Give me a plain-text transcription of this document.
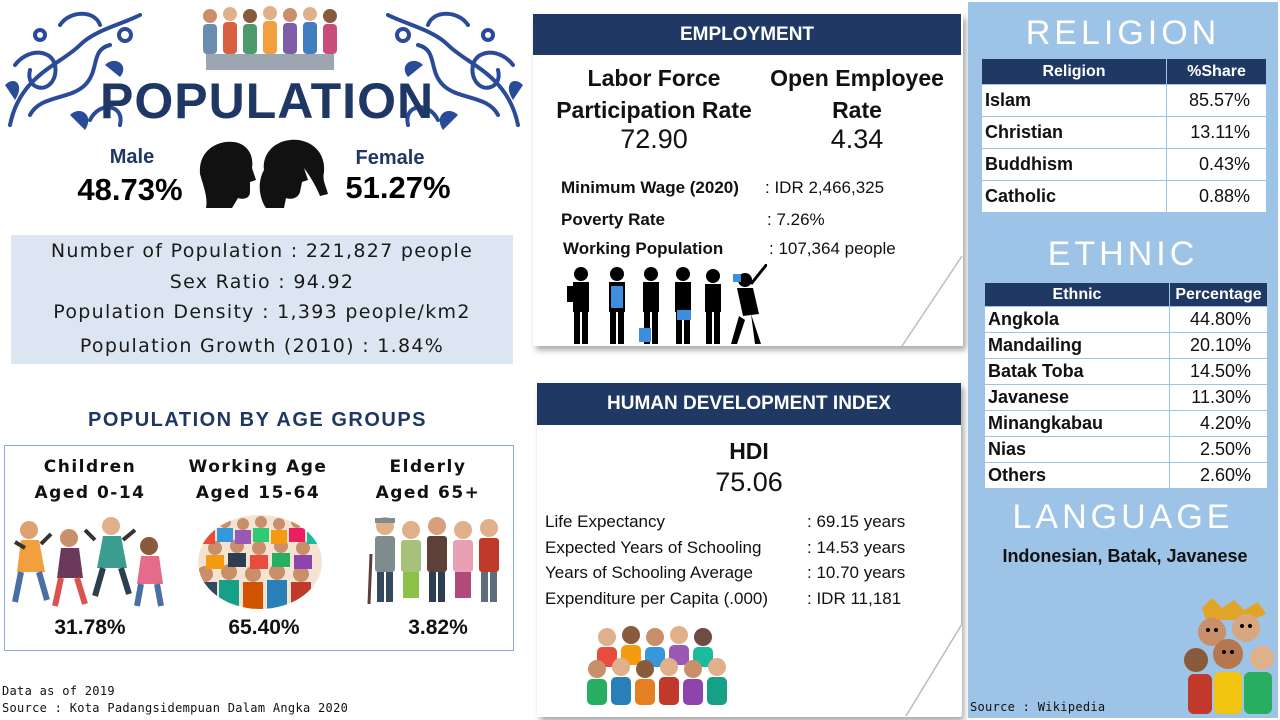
POPULATION
Male
48.73%
Female
51.27%
Number of Population : 221,827 people
Sex Ratio : 94.92
Population Density : 1,393 people/km2
Population Growth (2010) : 1.84%
POPULATION BY AGE GROUPS
Children
Aged 0-14
31.78%
Working Age
Aged 15-64
65.40%
Elderly
Aged 65+
3.82%
Data as of 2019
Source : Kota Padangsidempuan Dalam Angka 2020
EMPLOYMENT
Labor Force
Participation Rate
72.90
Open Employee
Rate
4.34
Minimum Wage (2020) : IDR 2,466,325
Poverty Rate	: 7.26%
Working Population	: 107,364 people
HUMAN DEVELOPMENT INDEX
HDI
75.06
Life Expectancy	: 69.15 years
Expected Years of Schooling	: 14.53 years
Years of Schooling Average	: 10.70 years
Expenditure per Capita (.000) : IDR 11,181
RELIGION
Religion	%Share
Islam	85.57%
Christian	13.11%
Buddhism	0.43%
Catholic	0.88%
ETHNIC
Ethnic	Percentage
Angkola	44.80%
Mandailing	20.10%
Batak Toba	14.50%
Javanese	11.30%
Minangkabau	4.20%
Nias	2.50%
Others	2.60%
LANGUAGE
Indonesian, Batak, Javanese
Source : Wikipedia
